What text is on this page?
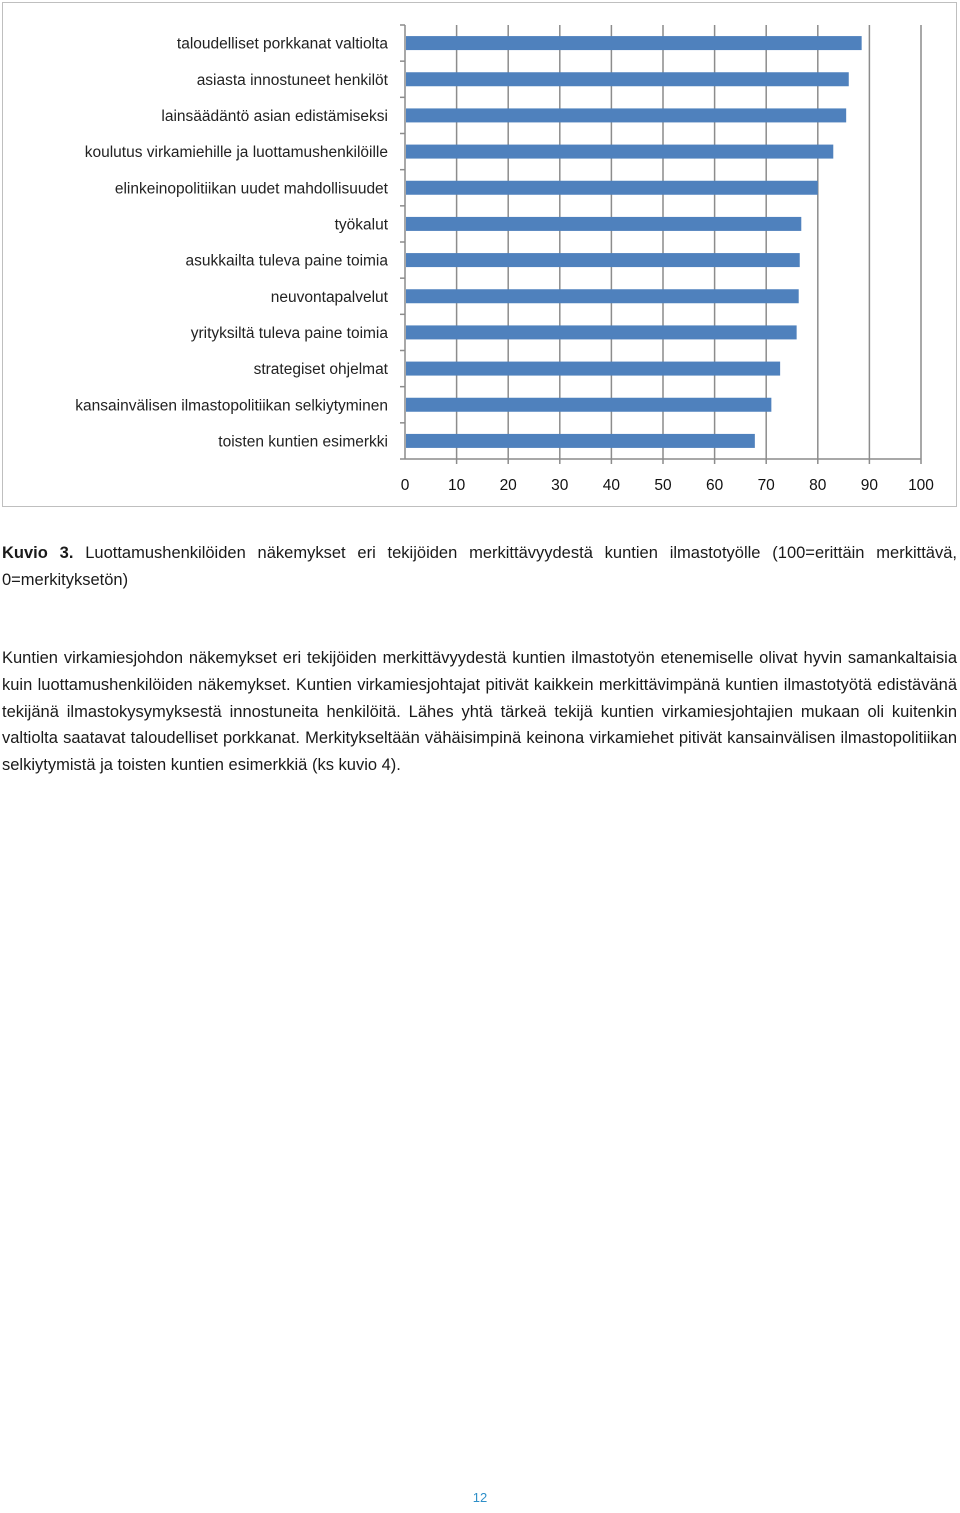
taloudelliset porkkanat valtiolta
asiasta innostuneet henkilöt
lainsäädäntö asian edistämiseksi
koulutus virkamiehille ja luottamushenkilöille
elinkeinopolitiikan uudet mahdollisuudet
työkalut
asukkailta tuleva paine toimia
neuvontapalvelut
yrityksiltä tuleva paine toimia
strategiset ohjelmat
kansainvälisen ilmastopolitiikan selkiytyminen
toisten kuntien esimerkki
0 10 20 30 40 50 60 70 80 90 100

Kuvio 3. Luottamushenkilöiden näkemykset eri tekijöiden merkittävyydestä kuntien ilmastotyölle (100=erittäin merkittävä, 0=merkityksetön)

Kuntien virkamiesjohdon näkemykset eri tekijöiden merkittävyydestä kuntien ilmastotyön etenemiselle olivat hyvin samankaltaisia kuin luottamushenkilöiden näkemykset. Kuntien virkamiesjohtajat pitivät kaikkein merkittävimpänä kuntien ilmastotyötä edistävänä tekijänä ilmastokysymyksestä innostuneita henkilöitä. Lähes yhtä tärkeä tekijä kuntien virkamiesjohtajien mukaan oli kuitenkin valtiolta saatavat taloudelliset porkkanat. Merkitykseltään vähäisimpinä keinona virkamiehet pitivät kansainvälisen ilmastopolitiikan selkiytymistä ja toisten kuntien esimerkkiä (ks kuvio 4).

12
